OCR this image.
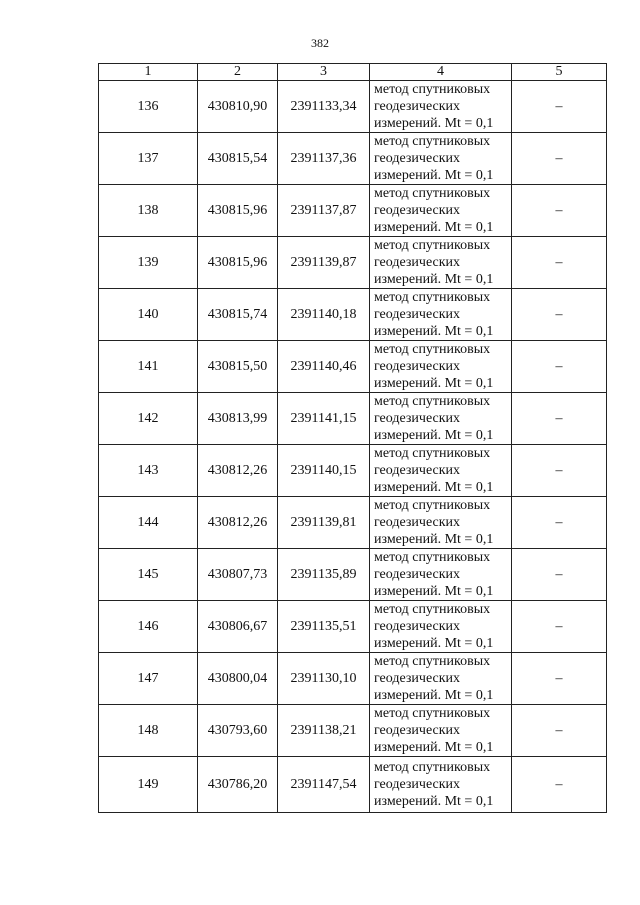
382
1	2	3	4	5
136	430810,90	2391133,34	метод спутниковых
геодезических
измерений. Mt = 0,1	–
137	430815,54	2391137,36	метод спутниковых
геодезических
измерений. Mt = 0,1	–
138	430815,96	2391137,87	метод спутниковых
геодезических
измерений. Mt = 0,1	–
139	430815,96	2391139,87	метод спутниковых
геодезических
измерений. Mt = 0,1	–
140	430815,74	2391140,18	метод спутниковых
геодезических
измерений. Mt = 0,1	–
141	430815,50	2391140,46	метод спутниковых
геодезических
измерений. Mt = 0,1	–
142	430813,99	2391141,15	метод спутниковых
геодезических
измерений. Mt = 0,1	–
143	430812,26	2391140,15	метод спутниковых
геодезических
измерений. Mt = 0,1	–
144	430812,26	2391139,81	метод спутниковых
геодезических
измерений. Mt = 0,1	–
145	430807,73	2391135,89	метод спутниковых
геодезических
измерений. Mt = 0,1	–
146	430806,67	2391135,51	метод спутниковых
геодезических
измерений. Mt = 0,1	–
147	430800,04	2391130,10	метод спутниковых
геодезических
измерений. Mt = 0,1	–
148	430793,60	2391138,21	метод спутниковых
геодезических
измерений. Mt = 0,1	–
149	430786,20	2391147,54	метод спутниковых
геодезических
измерений. Mt = 0,1	–
